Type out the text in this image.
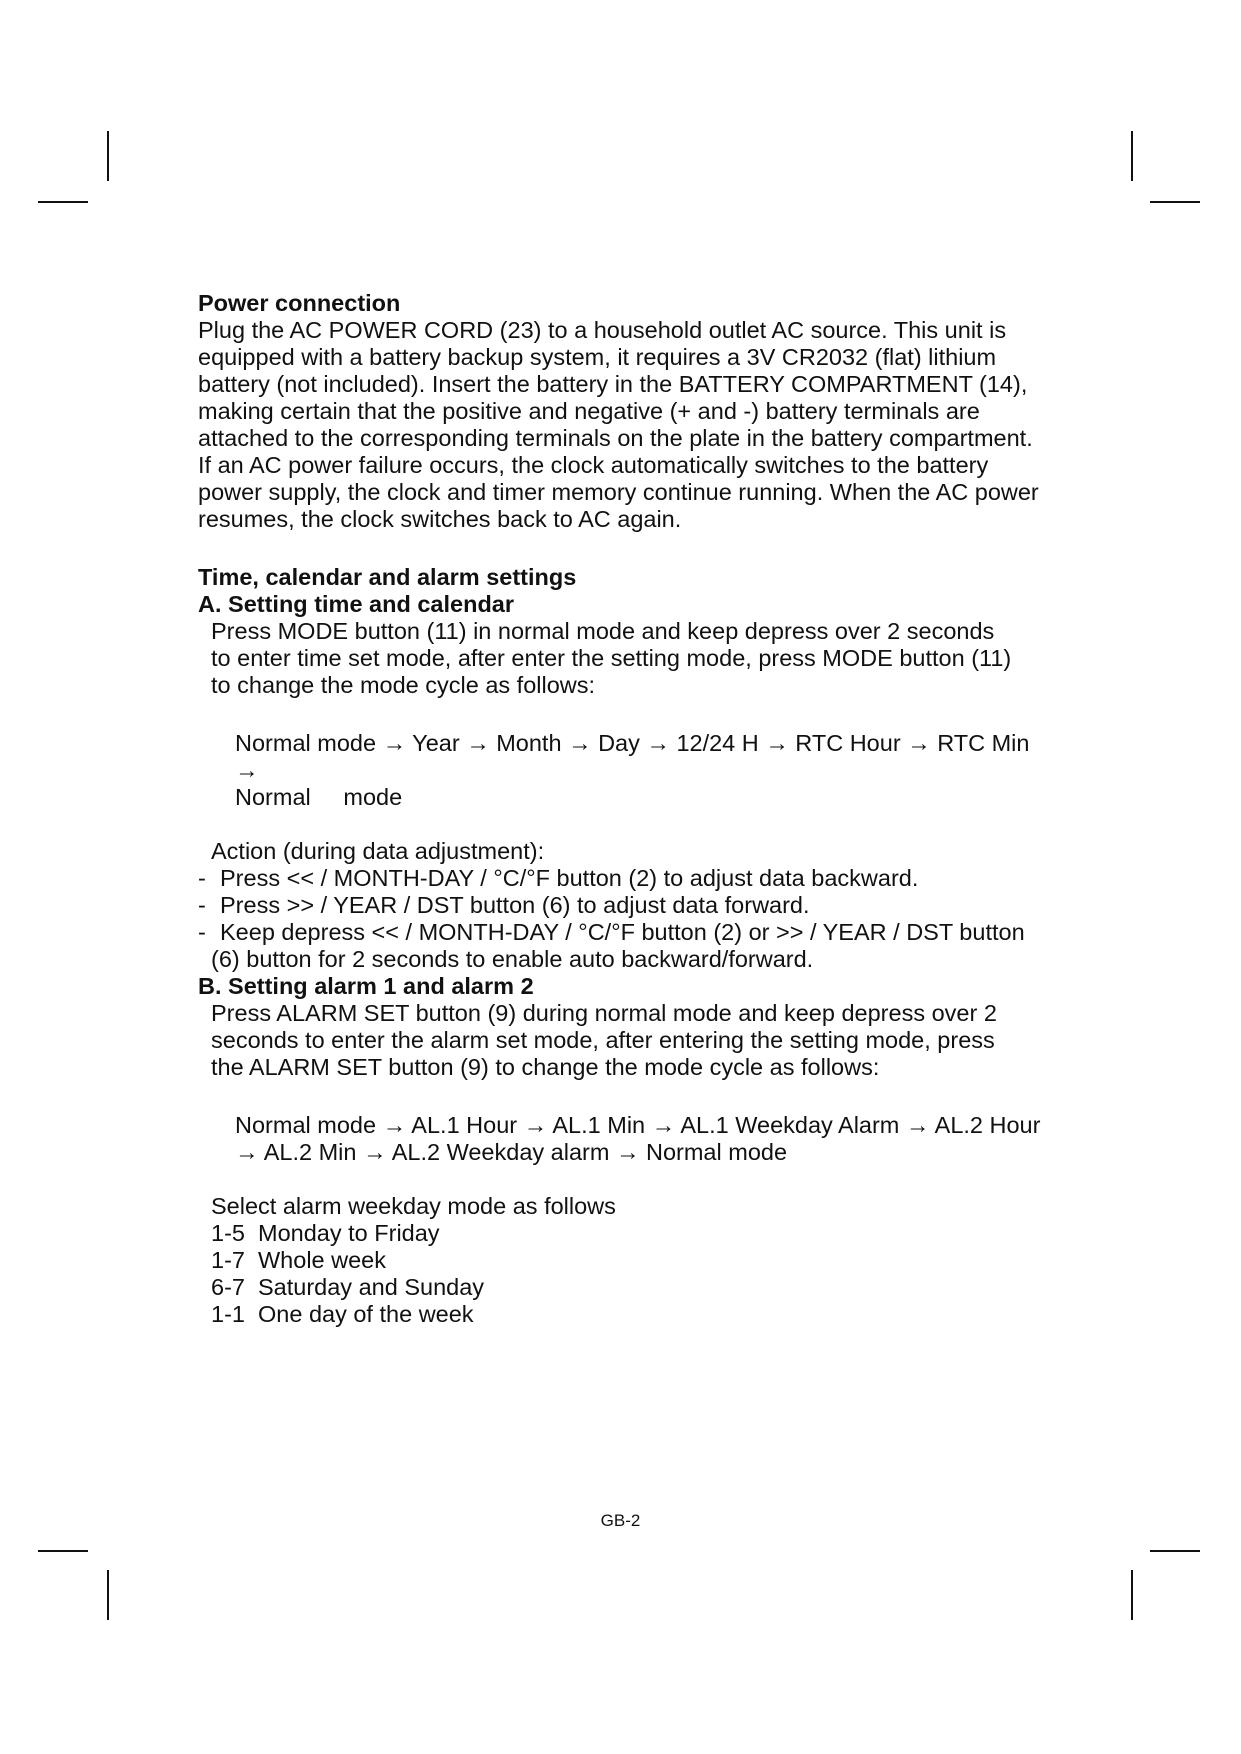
Power connection

Plug the AC POWER CORD (23) to a household outlet AC source. This unit is

equipped with a battery backup system, it requires a 3V CR2032 (flat) lithium

battery (not included). Insert the battery in the BATTERY COMPARTMENT (14),

making certain that the positive and negative (+ and -) battery terminals are

attached to the corresponding terminals on the plate in the battery compartment.

If an AC power failure occurs, the clock automatically switches to the battery

power supply, the clock and timer memory continue running. When the AC power

resumes, the clock switches back to AC again.

Time, calendar and alarm settings
A. Setting time and calendar

Press MODE button (11) in normal mode and keep depress over 2 seconds

to enter time set mode, after enter the setting mode, press MODE button (11)

to change the mode cycle as follows:

Normal mode → Year → Month → Day → 12/24 H → RTC Hour → RTC Min →

Normal     mode

Action (during data adjustment):

- Press << / MONTH-DAY / °C/°F button (2) to adjust data backward.
- Press >> / YEAR / DST button (6) to adjust data forward.
- Keep depress << / MONTH-DAY / °C/°F button (2) or >> / YEAR / DST button
(6) button for 2 seconds to enable auto backward/forward.
B. Setting alarm 1 and alarm 2

Press ALARM SET button (9) during normal mode and keep depress over 2

seconds to enter the alarm set mode, after entering the setting mode, press

the ALARM SET button (9) to change the mode cycle as follows:

Normal mode → AL.1 Hour → AL.1 Min → AL.1 Weekday Alarm → AL.2 Hour

→ AL.2 Min → AL.2 Weekday alarm → Normal mode

Select alarm weekday mode as follows

1-5 Monday to Friday
1-7 Whole week
6-7 Saturday and Sunday
1-1 One day of the week
GB-2
